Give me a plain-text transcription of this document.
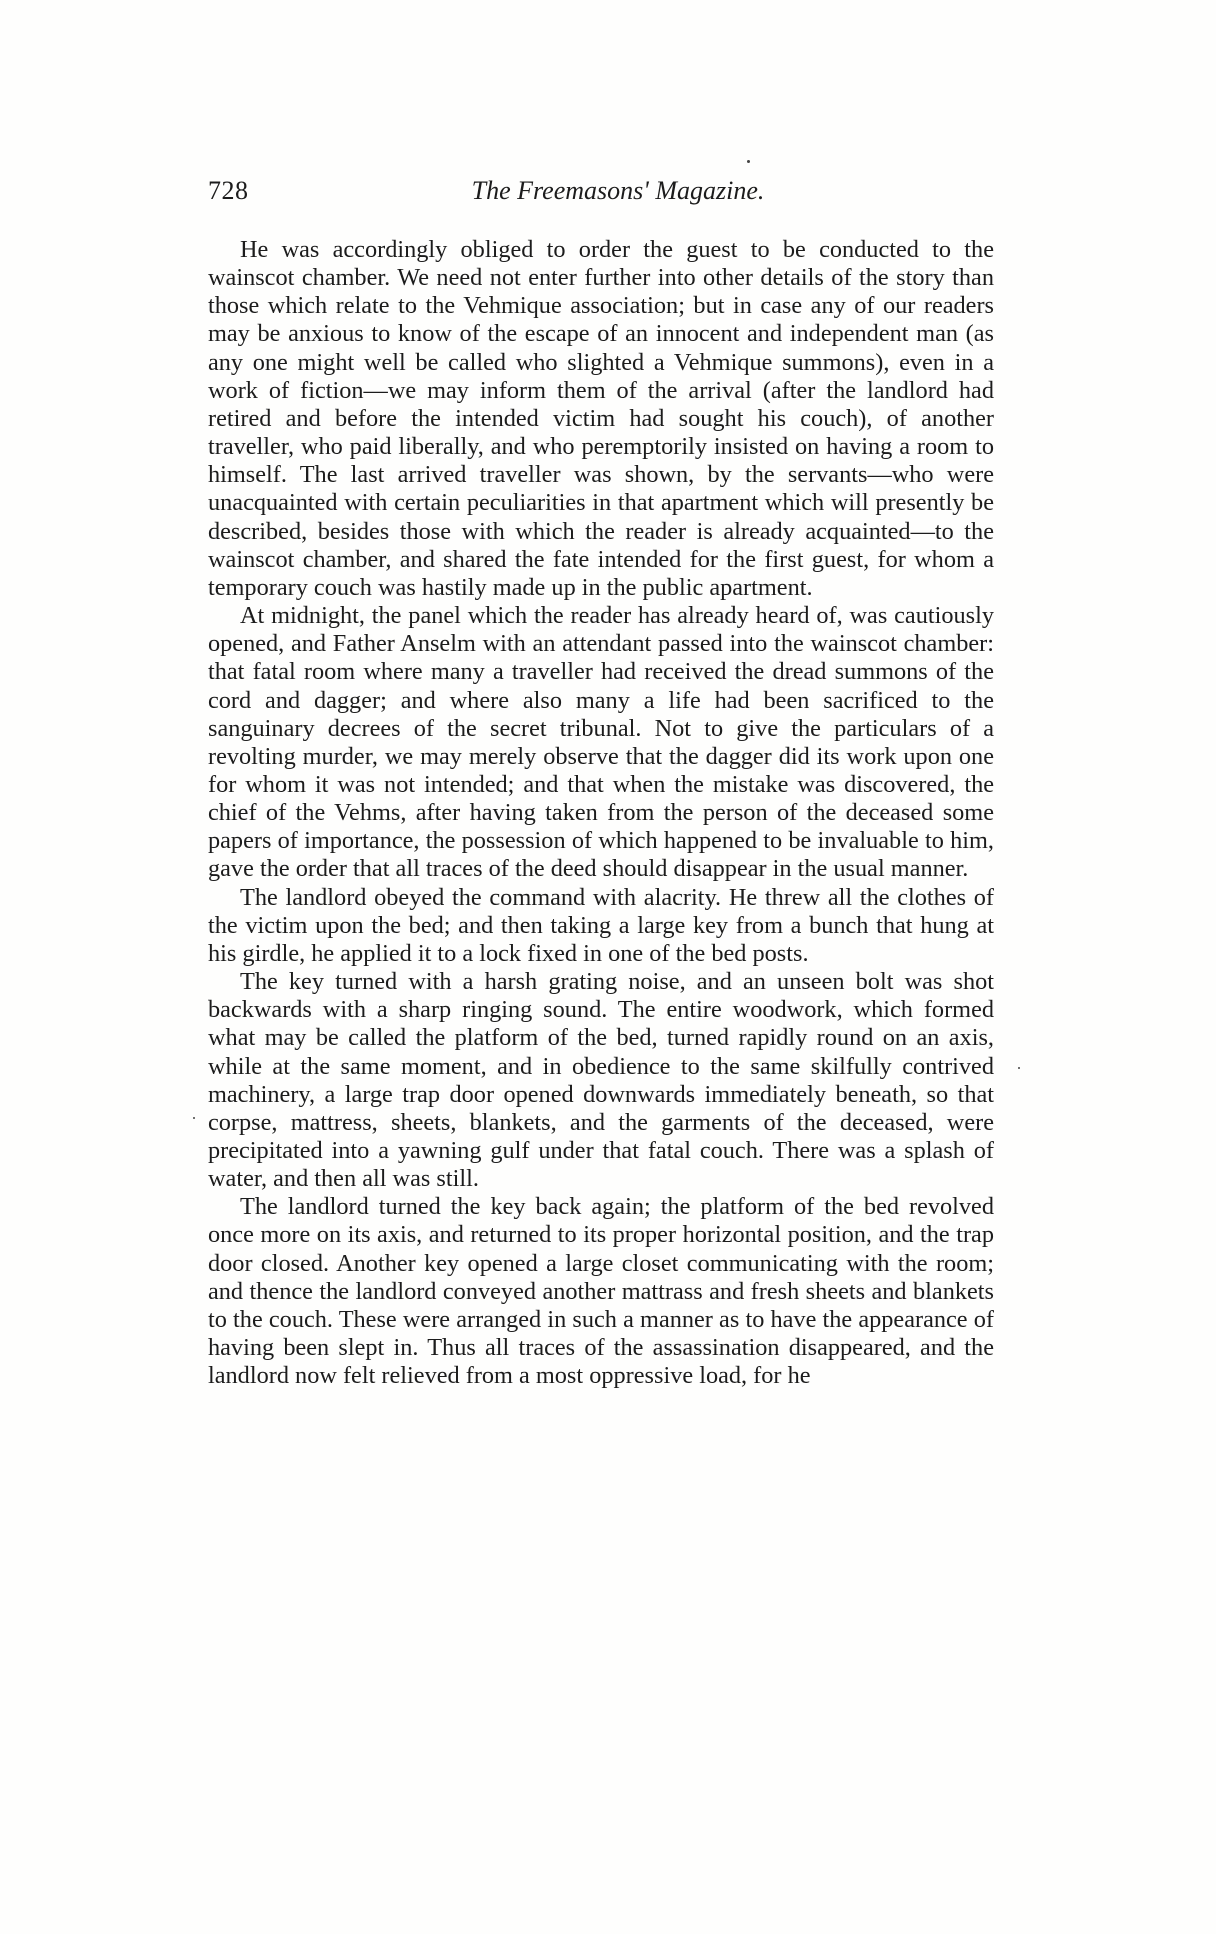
728	The Freemasons' Magazine.

He was accordingly obliged to order the guest to be conducted to the wainscot chamber. We need not enter further into other details of the story than those which relate to the Vehmique association; but in case any of our readers may be anxious to know of the escape of an innocent and independent man (as any one might well be called who slighted a Vehmique summons), even in a work of fiction—we may inform them of the arrival (after the landlord had retired and before the intended victim had sought his couch), of another traveller, who paid liberally, and who peremptorily insisted on having a room to himself. The last arrived traveller was shown, by the servants—who were unacquainted with certain peculiarities in that apartment which will presently be described, besides those with which the reader is already acquainted—to the wainscot chamber, and shared the fate intended for the first guest, for whom a temporary couch was hastily made up in the public apartment.

At midnight, the panel which the reader has already heard of, was cautiously opened, and Father Anselm with an attendant passed into the wainscot chamber: that fatal room where many a traveller had received the dread summons of the cord and dagger; and where also many a life had been sacrificed to the sanguinary decrees of the secret tribunal. Not to give the particulars of a revolting murder, we may merely observe that the dagger did its work upon one for whom it was not intended; and that when the mistake was discovered, the chief of the Vehms, after having taken from the person of the deceased some papers of importance, the possession of which happened to be invaluable to him, gave the order that all traces of the deed should disappear in the usual manner.

The landlord obeyed the command with alacrity. He threw all the clothes of the victim upon the bed; and then taking a large key from a bunch that hung at his girdle, he applied it to a lock fixed in one of the bed posts.

The key turned with a harsh grating noise, and an unseen bolt was shot backwards with a sharp ringing sound. The entire woodwork, which formed what may be called the platform of the bed, turned rapidly round on an axis, while at the same moment, and in obedience to the same skilfully contrived machinery, a large trap door opened downwards immediately beneath, so that corpse, mattress, sheets, blankets, and the garments of the deceased, were precipitated into a yawning gulf under that fatal couch. There was a splash of water, and then all was still.

The landlord turned the key back again; the platform of the bed revolved once more on its axis, and returned to its proper horizontal position, and the trap door closed. Another key opened a large closet communicating with the room; and thence the landlord conveyed another mattrass and fresh sheets and blankets to the couch. These were arranged in such a manner as to have the appearance of having been slept in. Thus all traces of the assassination disappeared, and the landlord now felt relieved from a most oppressive load, for he
